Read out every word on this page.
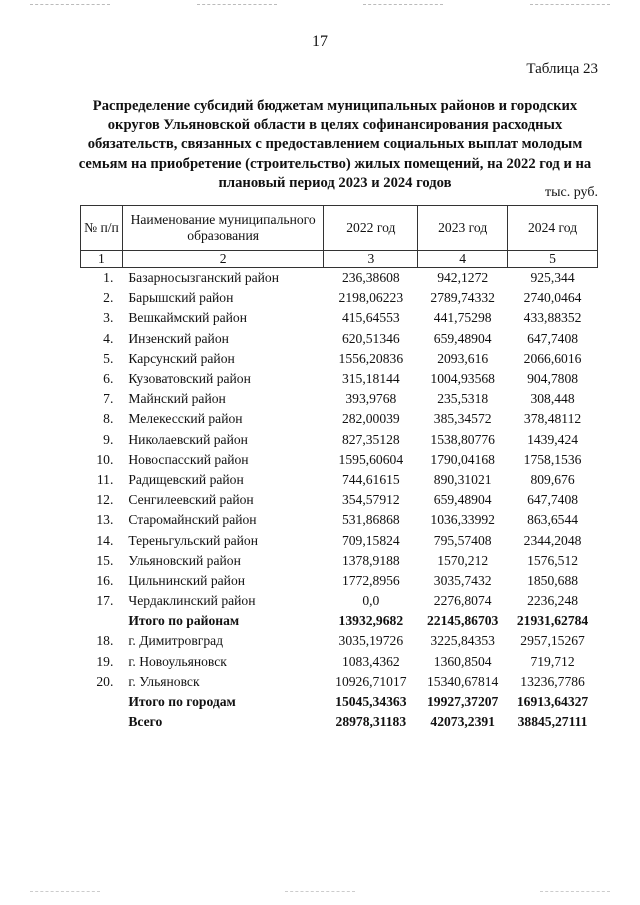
17
Таблица 23
Распределение субсидий бюджетам муниципальных районов и городских округов Ульяновской области в целях софинансирования расходных обязательств, связанных с предоставлением социальных выплат молодым семьям на приобретение (строительство) жилых помещений, на 2022 год и на плановый период 2023 и 2024 годов
тыс. руб.
№ п/п	Наименование муниципального образования	2022 год	2023 год	2024 год
1	2	3	4	5
1.	Базарносызганский район	236,38608	942,1272	925,344
2.	Барышский район	2198,06223	2789,74332	2740,0464
3.	Вешкаймский район	415,64553	441,75298	433,88352
4.	Инзенский район	620,51346	659,48904	647,7408
5.	Карсунский район	1556,20836	2093,616	2066,6016
6.	Кузоватовский район	315,18144	1004,93568	904,7808
7.	Майнский район	393,9768	235,5318	308,448
8.	Мелекесский район	282,00039	385,34572	378,48112
9.	Николаевский район	827,35128	1538,80776	1439,424
10.	Новоспасский район	1595,60604	1790,04168	1758,1536
11.	Радищевский район	744,61615	890,31021	809,676
12.	Сенгилеевский район	354,57912	659,48904	647,7408
13.	Старомайнский район	531,86868	1036,33992	863,6544
14.	Тереньгульский район	709,15824	795,57408	2344,2048
15.	Ульяновский район	1378,9188	1570,212	1576,512
16.	Цильнинский район	1772,8956	3035,7432	1850,688
17.	Чердаклинский район	0,0	2276,8074	2236,248
	Итого по районам	13932,9682	22145,86703	21931,62784
18.	г. Димитровград	3035,19726	3225,84353	2957,15267
19.	г. Новоульяновск	1083,4362	1360,8504	719,712
20.	г. Ульяновск	10926,71017	15340,67814	13236,7786
	Итого по городам	15045,34363	19927,37207	16913,64327
	Всего	28978,31183	42073,2391	38845,27111
